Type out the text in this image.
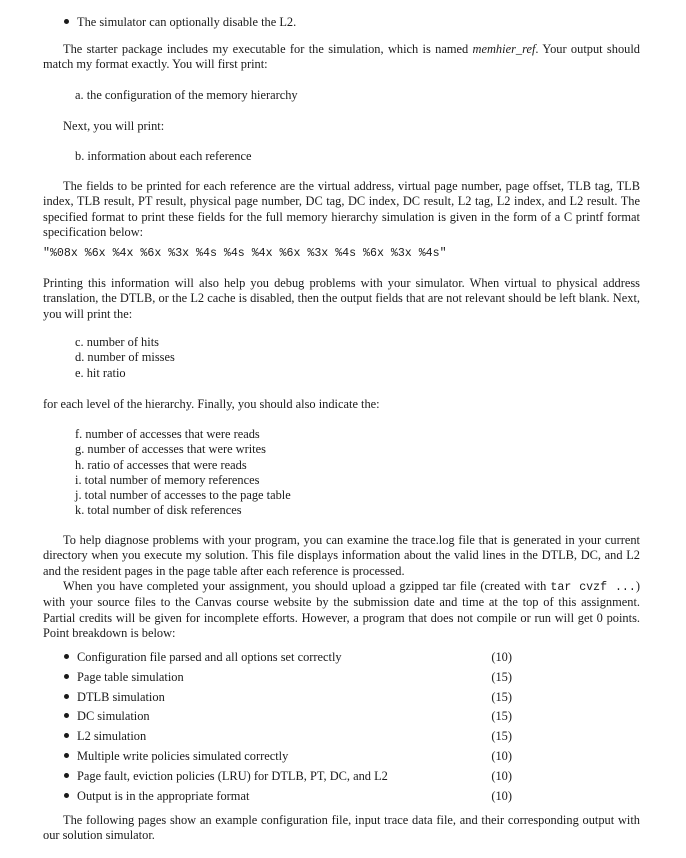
The simulator can optionally disable the L2.

The starter package includes my executable for the simulation, which is named memhier_ref. Your output should match my format exactly. You will first print:

a. the configuration of the memory hierarchy

Next, you will print:

b. information about each reference

The fields to be printed for each reference are the virtual address, virtual page number, page offset, TLB tag, TLB index, TLB result, PT result, physical page number, DC tag, DC index, DC result, L2 tag, L2 index, and L2 result. The specified format to print these fields for the full memory hierarchy simulation is given in the form of a C printf format specification below:

"%08x %6x %4x %6x %3x %4s %4s %4x %6x %3x %4s %6x %3x %4s"

Printing this information will also help you debug problems with your simulator. When virtual to physical address translation, the DTLB, or the L2 cache is disabled, then the output fields that are not relevant should be left blank. Next, you will print the:

c. number of hits
d. number of misses
e. hit ratio

for each level of the hierarchy. Finally, you should also indicate the:

f. number of accesses that were reads
g. number of accesses that were writes
h. ratio of accesses that were reads
i. total number of memory references
j. total number of accesses to the page table
k. total number of disk references

To help diagnose problems with your program, you can examine the trace.log file that is generated in your current directory when you execute my solution. This file displays information about the valid lines in the DTLB, DC, and L2 and the resident pages in the page table after each reference is processed.

When you have completed your assignment, you should upload a gzipped tar file (created with tar cvzf ...) with your source files to the Canvas course website by the submission date and time at the top of this assignment. Partial credits will be given for incomplete efforts. However, a program that does not compile or run will get 0 points. Point breakdown is below:

Configuration file parsed and all options set correctly	(10)
Page table simulation	(15)
DTLB simulation	(15)
DC simulation	(15)
L2 simulation	(15)
Multiple write policies simulated correctly	(10)
Page fault, eviction policies (LRU) for DTLB, PT, DC, and L2	(10)
Output is in the appropriate format	(10)

The following pages show an example configuration file, input trace data file, and their corresponding output with our solution simulator.
